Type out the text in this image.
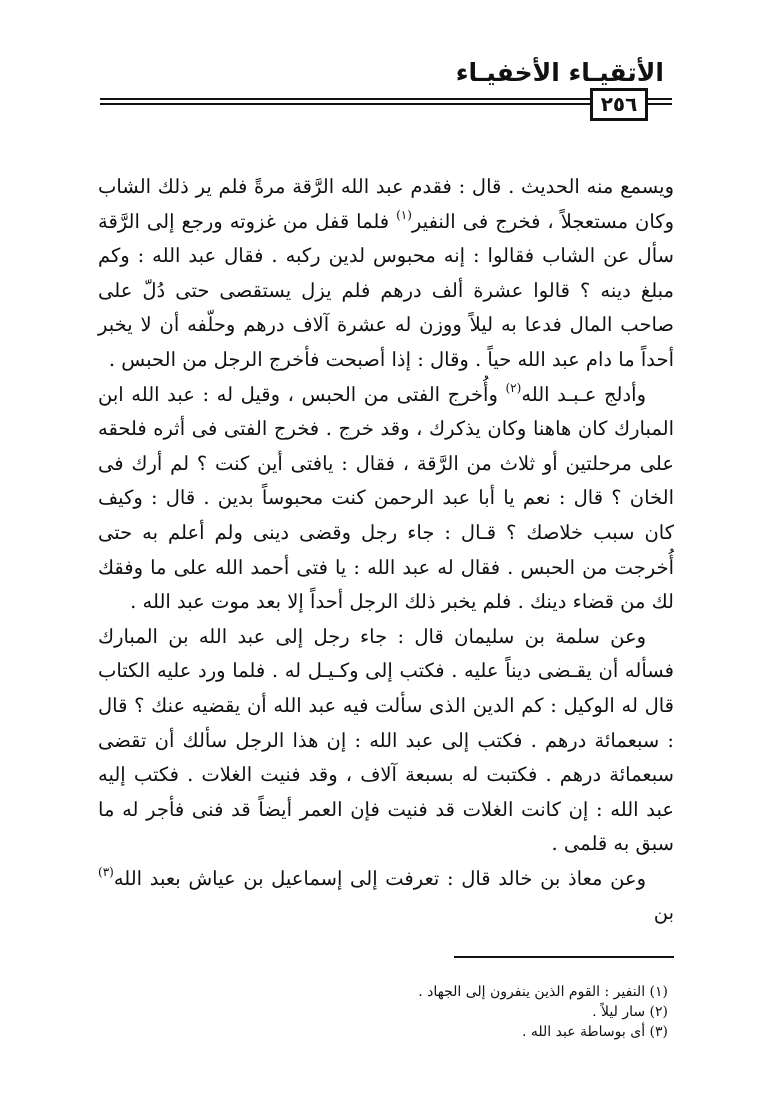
الأتقيـاء الأخفيـاء
٢٥٦

ويسمع منه الحديث . قال : فقدم عبد الله الرَّقة مرةً فلم ير ذلك الشاب وكان مستعجلاً ، فخرج فى النفير$^{(١)}$ فلما قفل من غزوته ورجع إلى الرَّقة سأل عن الشاب فقالوا : إنه محبوس لدين ركبه . فقال عبد الله : وكم مبلغ دينه ؟ قالوا عشرة ألف درهم فلم يزل يستقصى حتى دُلّ على صاحب المال فدعا به ليلاً ووزن له عشرة آلاف درهم وحلّفه أن لا يخبر أحداً ما دام عبد الله حياً . وقال : إذا أصبحت فأخرج الرجل من الحبس .

وأدلج عـبـد الله$^{(٢)}$ وأُخرج الفتى من الحبس ، وقيل له : عبد الله ابن المبارك كان هاهنا وكان يذكرك ، وقد خرج . فخرج الفتى فى أثره فلحقه على مرحلتين أو ثلاث من الرَّقة ، فقال : يافتى أين كنت ؟ لم أرك فى الخان ؟ قال : نعم يا أبا عبد الرحمن كنت محبوساً بدين . قال : وكيف كان سبب خلاصك ؟ قـال : جاء رجل وقضى دينى ولم أعلم به حتى أُخرجت من الحبس . فقال له عبد الله : يا فتى أحمد الله على ما وفقك لك من قضاء دينك . فلم يخبر ذلك الرجل أحداً إلا بعد موت عبد الله .

وعن سلمة بن سليمان قال : جاء رجل إلى عبد الله بن المبارك فسأله أن يقـضى ديناً عليه . فكتب إلى وكـيـل له . فلما ورد عليه الكتاب قال له الوكيل : كم الدين الذى سألت فيه عبد الله أن يقضيه عنك ؟ قال : سبعمائة درهم . فكتب إلى عبد الله : إن هذا الرجل سألك أن تقضى سبعمائة درهم . فكتبت له بسبعة آلاف ، وقد فنيت الغلات . فكتب إليه عبد الله : إن كانت الغلات قد فنيت فإن العمر أيضاً قد فنى فأجر له ما سبق به قلمى .

وعن معاذ بن خالد قال : تعرفت إلى إسماعيل بن عياش بعبد الله$^{(٣)}$ بن

(١) النفير : القوم الذين ينفرون إلى الجهاد .
(٢) سار ليلاً .
(٣) أى بوساطة عبد الله .
